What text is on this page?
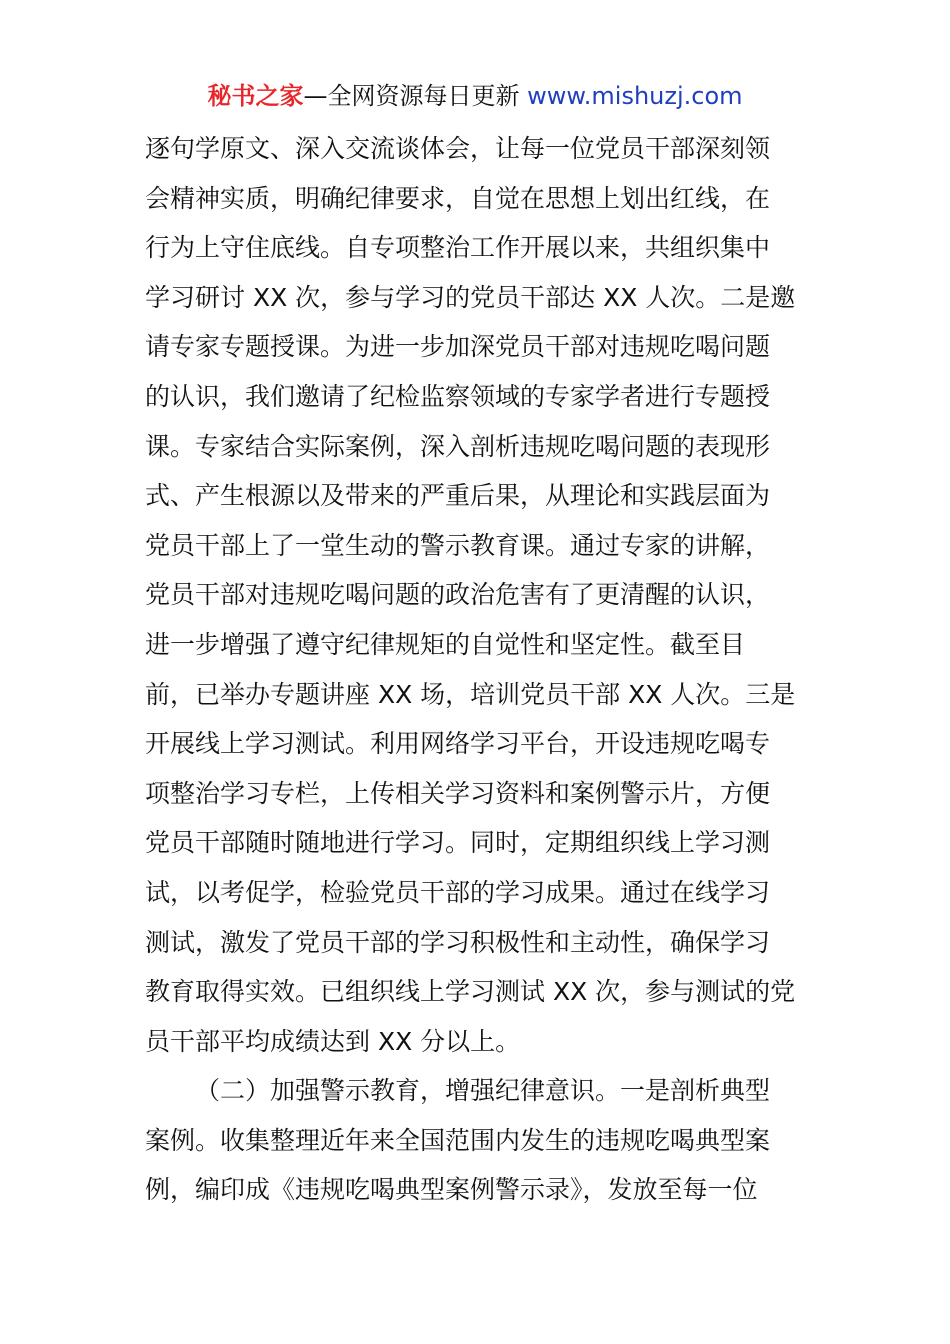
秘书之家—全网资源每日更新 www.mishuzj.com
逐句学原文、深入交流谈体会，让每一位党员干部深刻领
会精神实质，明确纪律要求，自觉在思想上划出红线，在
行为上守住底线。自专项整治工作开展以来，共组织集中
学习研讨 XX 次，参与学习的党员干部达 XX 人次。二是邀
请专家专题授课。为进一步加深党员干部对违规吃喝问题
的认识，我们邀请了纪检监察领域的专家学者进行专题授
课。专家结合实际案例，深入剖析违规吃喝问题的表现形
式、产生根源以及带来的严重后果，从理论和实践层面为
党员干部上了一堂生动的警示教育课。通过专家的讲解，
党员干部对违规吃喝问题的政治危害有了更清醒的认识，
进一步增强了遵守纪律规矩的自觉性和坚定性。截至目
前，已举办专题讲座 XX 场，培训党员干部 XX 人次。三是
开展线上学习测试。利用网络学习平台，开设违规吃喝专
项整治学习专栏，上传相关学习资料和案例警示片，方便
党员干部随时随地进行学习。同时，定期组织线上学习测
试，以考促学，检验党员干部的学习成果。通过在线学习
测试，激发了党员干部的学习积极性和主动性，确保学习
教育取得实效。已组织线上学习测试 XX 次，参与测试的党
员干部平均成绩达到 XX 分以上。
（二）加强警示教育，增强纪律意识。一是剖析典型
案例。收集整理近年来全国范围内发生的违规吃喝典型案
例，编印成《违规吃喝典型案例警示录》，发放至每一位
